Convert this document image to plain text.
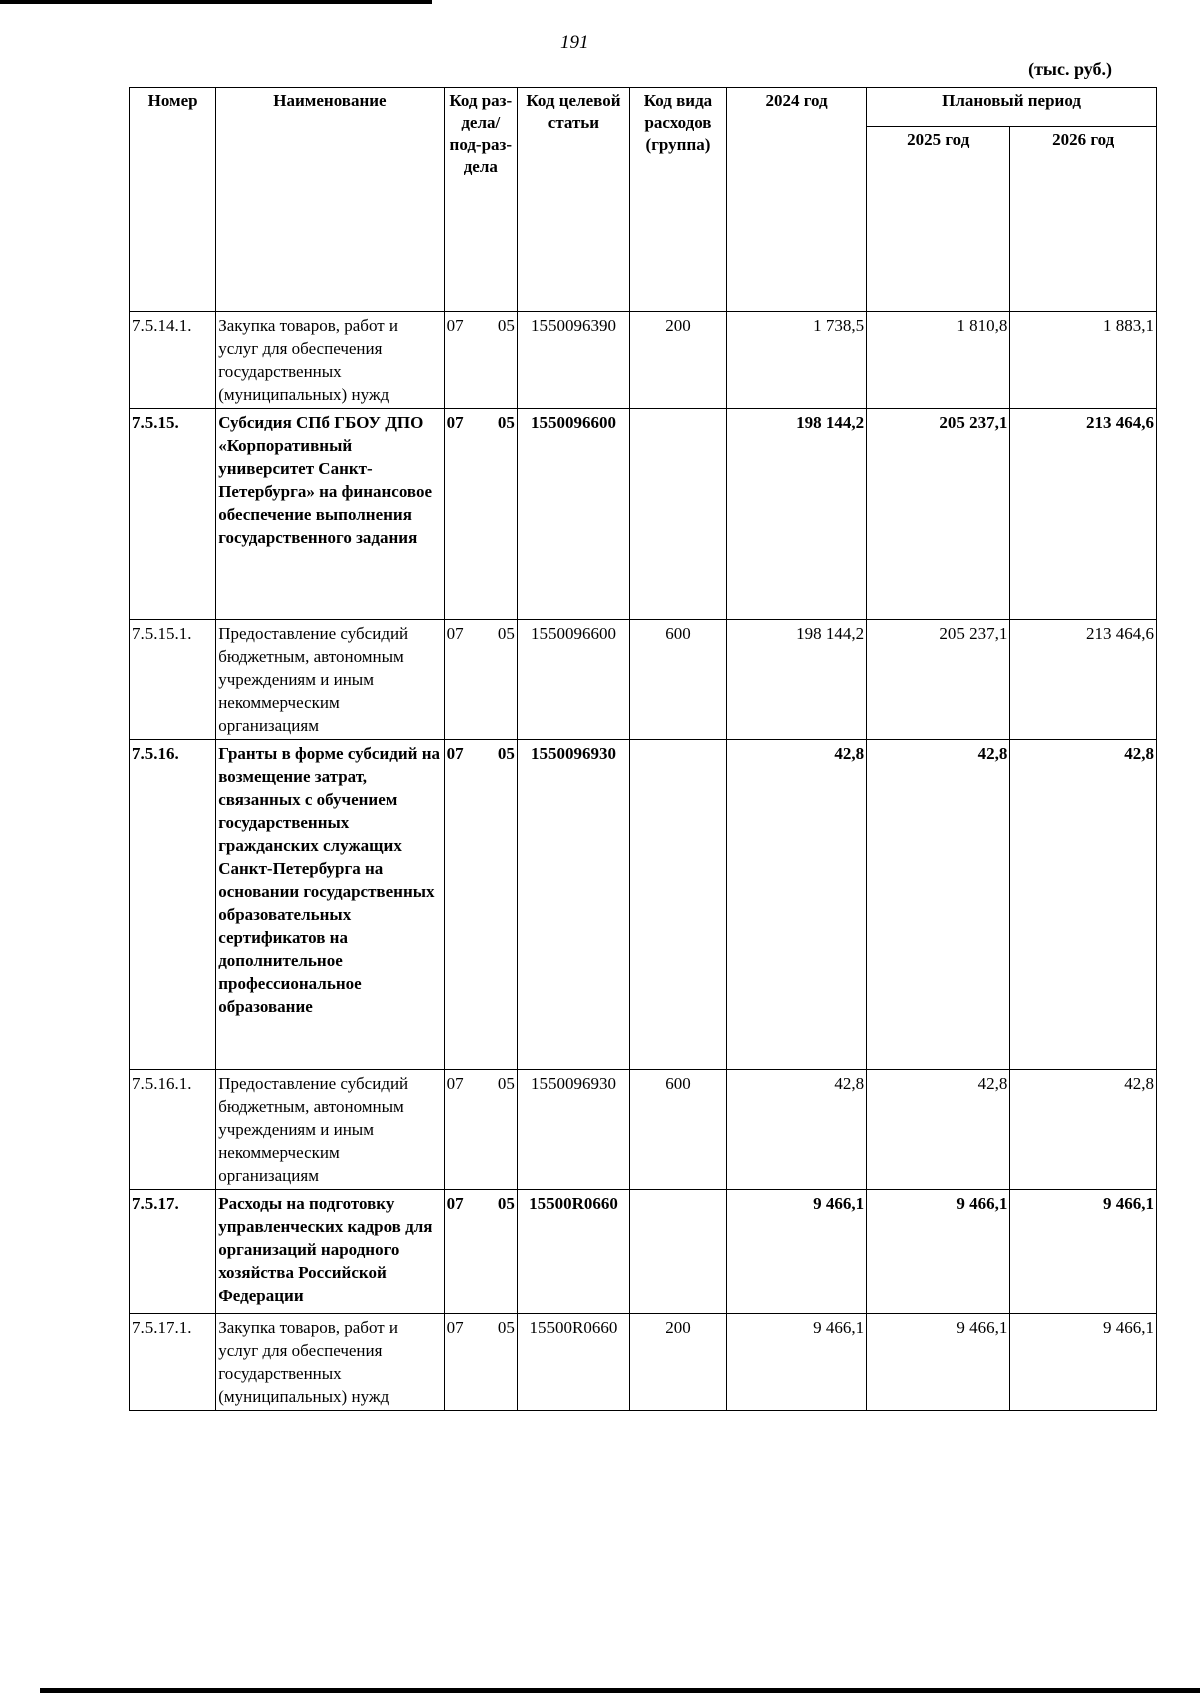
191
(тыс. руб.)
Номер	Наименование	Код раз-дела/ под-раз-дела	Код целевой статьи	Код вида расходов (группа)	2024 год	Плановый период	
						2025 год	2026 год
7.5.14.1.	Закупка товаров, работ и услуг для обеспечения государственных (муниципальных) нужд	07 05	1550096390	200	1 738,5	1 810,8	1 883,1
7.5.15.	Субсидия СПб ГБОУ ДПО «Корпоративный университет Санкт-Петербурга» на финансовое обеспечение выполнения государственного задания	07 05	1550096600		198 144,2	205 237,1	213 464,6
7.5.15.1.	Предоставление субсидий бюджетным, автономным учреждениям и иным некоммерческим организациям	07 05	1550096600	600	198 144,2	205 237,1	213 464,6
7.5.16.	Гранты в форме субсидий на возмещение затрат, связанных с обучением государственных гражданских служащих Санкт-Петербурга на основании государственных образовательных сертификатов на дополнительное профессиональное образование	07 05	1550096930		42,8	42,8	42,8
7.5.16.1.	Предоставление субсидий бюджетным, автономным учреждениям и иным некоммерческим организациям	07 05	1550096930	600	42,8	42,8	42,8
7.5.17.	Расходы на подготовку управленческих кадров для организаций народного хозяйства Российской Федерации	07 05	15500R0660		9 466,1	9 466,1	9 466,1
7.5.17.1.	Закупка товаров, работ и услуг для обеспечения государственных (муниципальных) нужд	07 05	15500R0660	200	9 466,1	9 466,1	9 466,1
